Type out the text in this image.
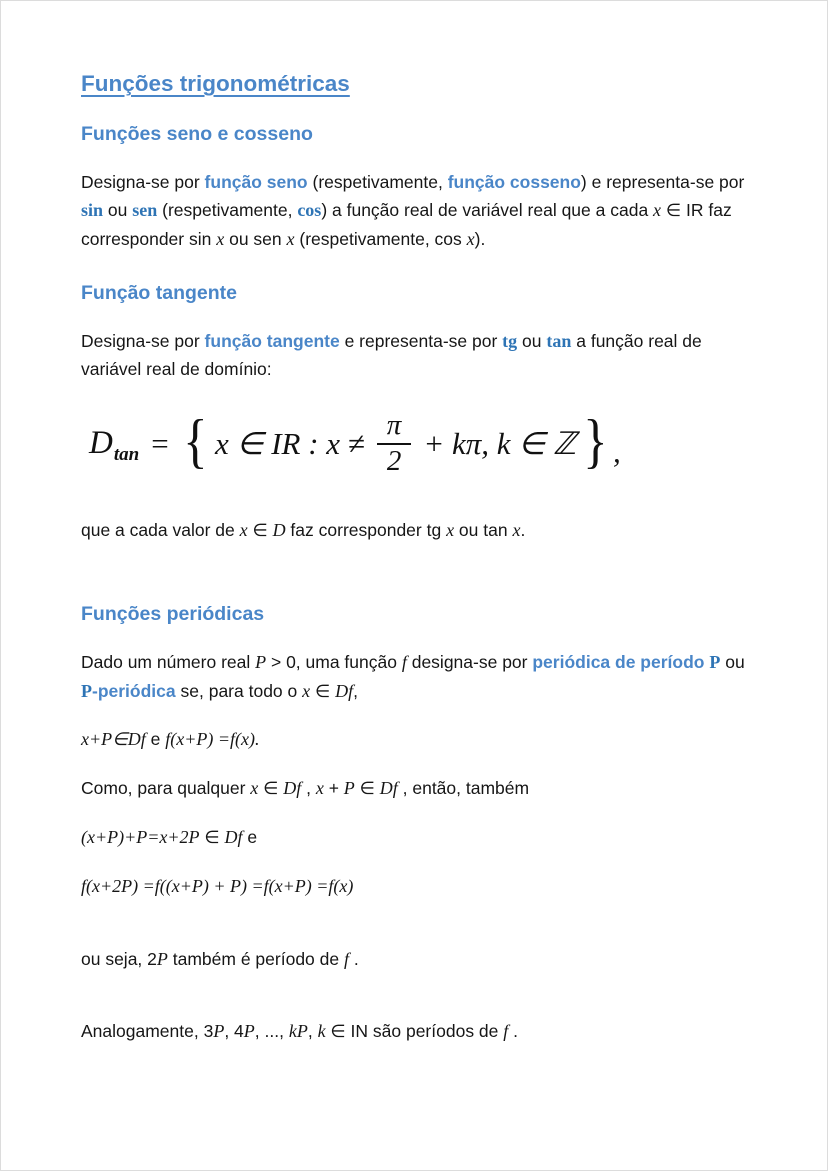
Funções trigonométricas
Funções seno e cosseno

Designa-se por função seno (respetivamente, função cosseno) e representa-se por sin ou sen (respetivamente, cos) a função real de variável real que a cada x ∈ IR faz corresponder sin x ou sen x (respetivamente, cos x).

Função tangente

Designa-se por função tangente e representa-se por tg ou tan a função real de variável real de domínio:

$D_{tan}$ = { x ∈ IR : $x \ne \frac{\pi}{2} + k\pi$, k ∈ ℤ } ,

que a cada valor de x ∈ D faz corresponder tg x ou tan x.

Funções periódicas

Dado um número real P > 0, uma função f designa-se por periódica de período P ou P-periódica se, para todo o x ∈ Df,

x+P∈Df e f(x+P) =f(x).

Como, para qualquer x ∈ Df , x + P ∈ Df , então, também

(x+P)+P=x+2P ∈ Df e

f(x+2P) =f((x+P) + P) =f(x+P) =f(x)

ou seja, 2P também é período de f .

Analogamente, 3P, 4P, ..., kP, k ∈ IN são períodos de f .
